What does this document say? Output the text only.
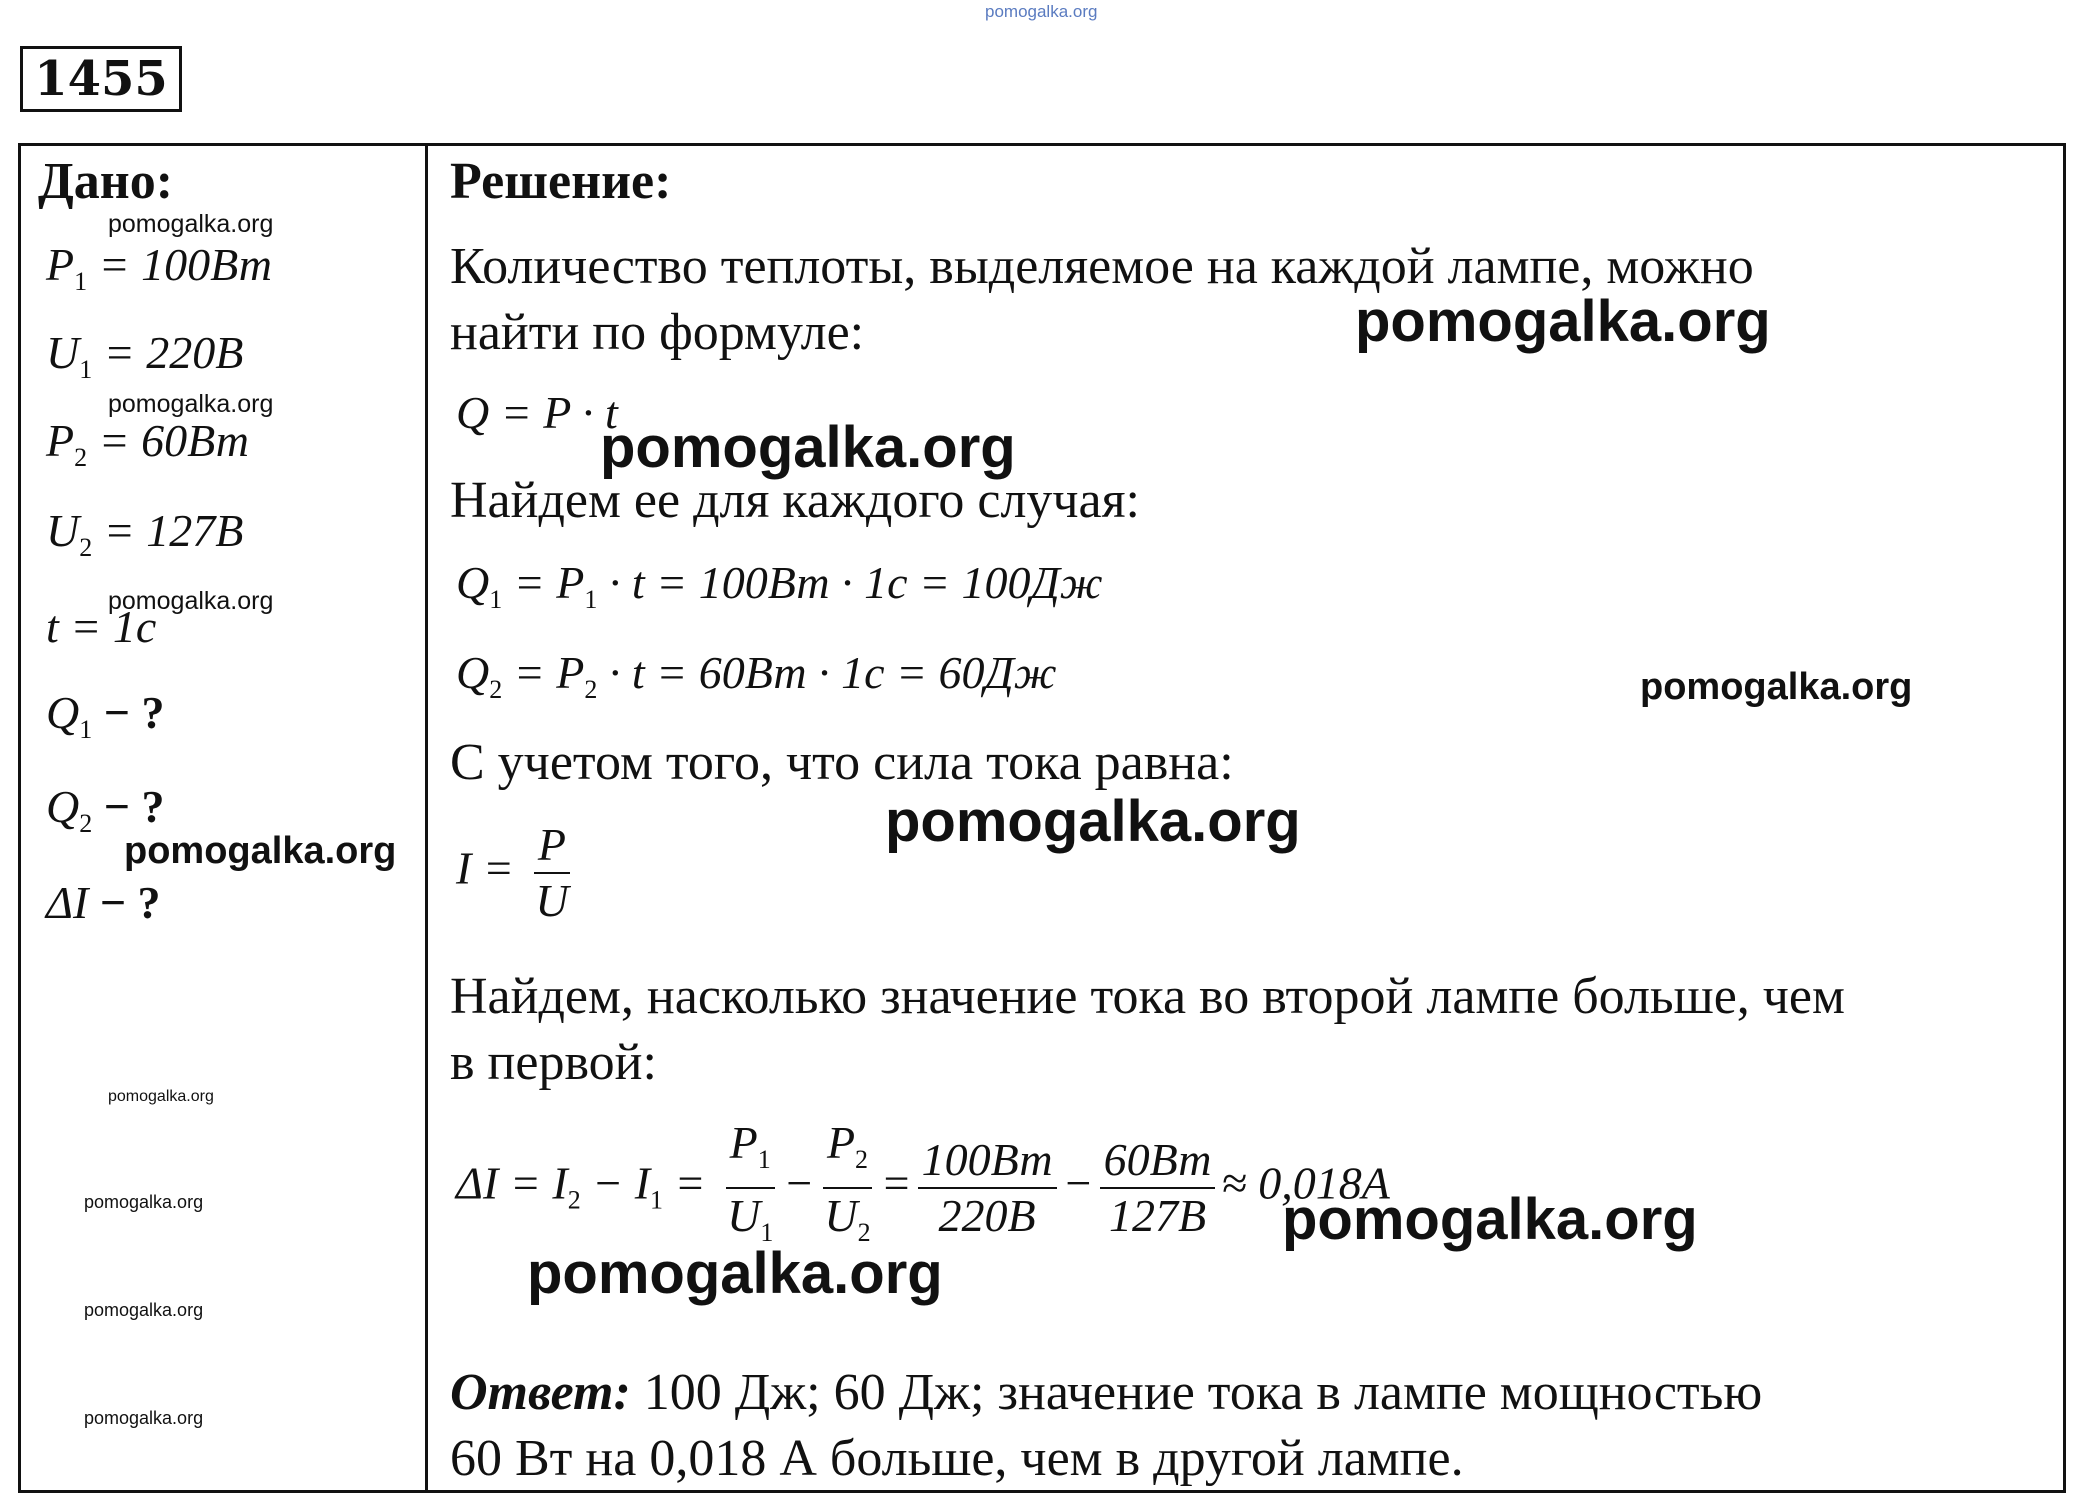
pomogalka.org
1455
Дано:
$P_1 = 100Вт$
$U_1 = 220В$
$P_2 = 60Вт$
$U_2 = 127В$
t = 1c
$Q_1$ − ?
$Q_2$ − ?
ΔI − ?
pomogalka.org
pomogalka.org
pomogalka.org
pomogalka.org
pomogalka.org
pomogalka.org
pomogalka.org
pomogalka.org
Решение:
Количество теплоты, выделяемое на каждой лампе, можно
найти по формуле:
Q = P · t
Найдем ее для каждого случая:
$Q_1 = P_1 \cdot t = 100Вт \cdot 1с = 100Дж$
$Q_2 = P_2 \cdot t = 60Вт \cdot 1с = 60Дж$
С учетом того, что сила тока равна:
$I = \frac{P}{U}$
Найдем, насколько значение тока во второй лампе больше, чем
в первой:
$\Delta I = I_2 - I_1 = \frac{P_1}{U_1} - \frac{P_2}{U_2} = \frac{100Вт}{220В} - \frac{60Вт}{127В} \approx 0,018A$
Ответ: 100 Дж; 60 Дж; значение тока в лампе мощностью
60 Вт на 0,018 А больше, чем в другой лампе.
pomogalka.org
pomogalka.org
pomogalka.org
pomogalka.org
pomogalka.org
pomogalka.org
